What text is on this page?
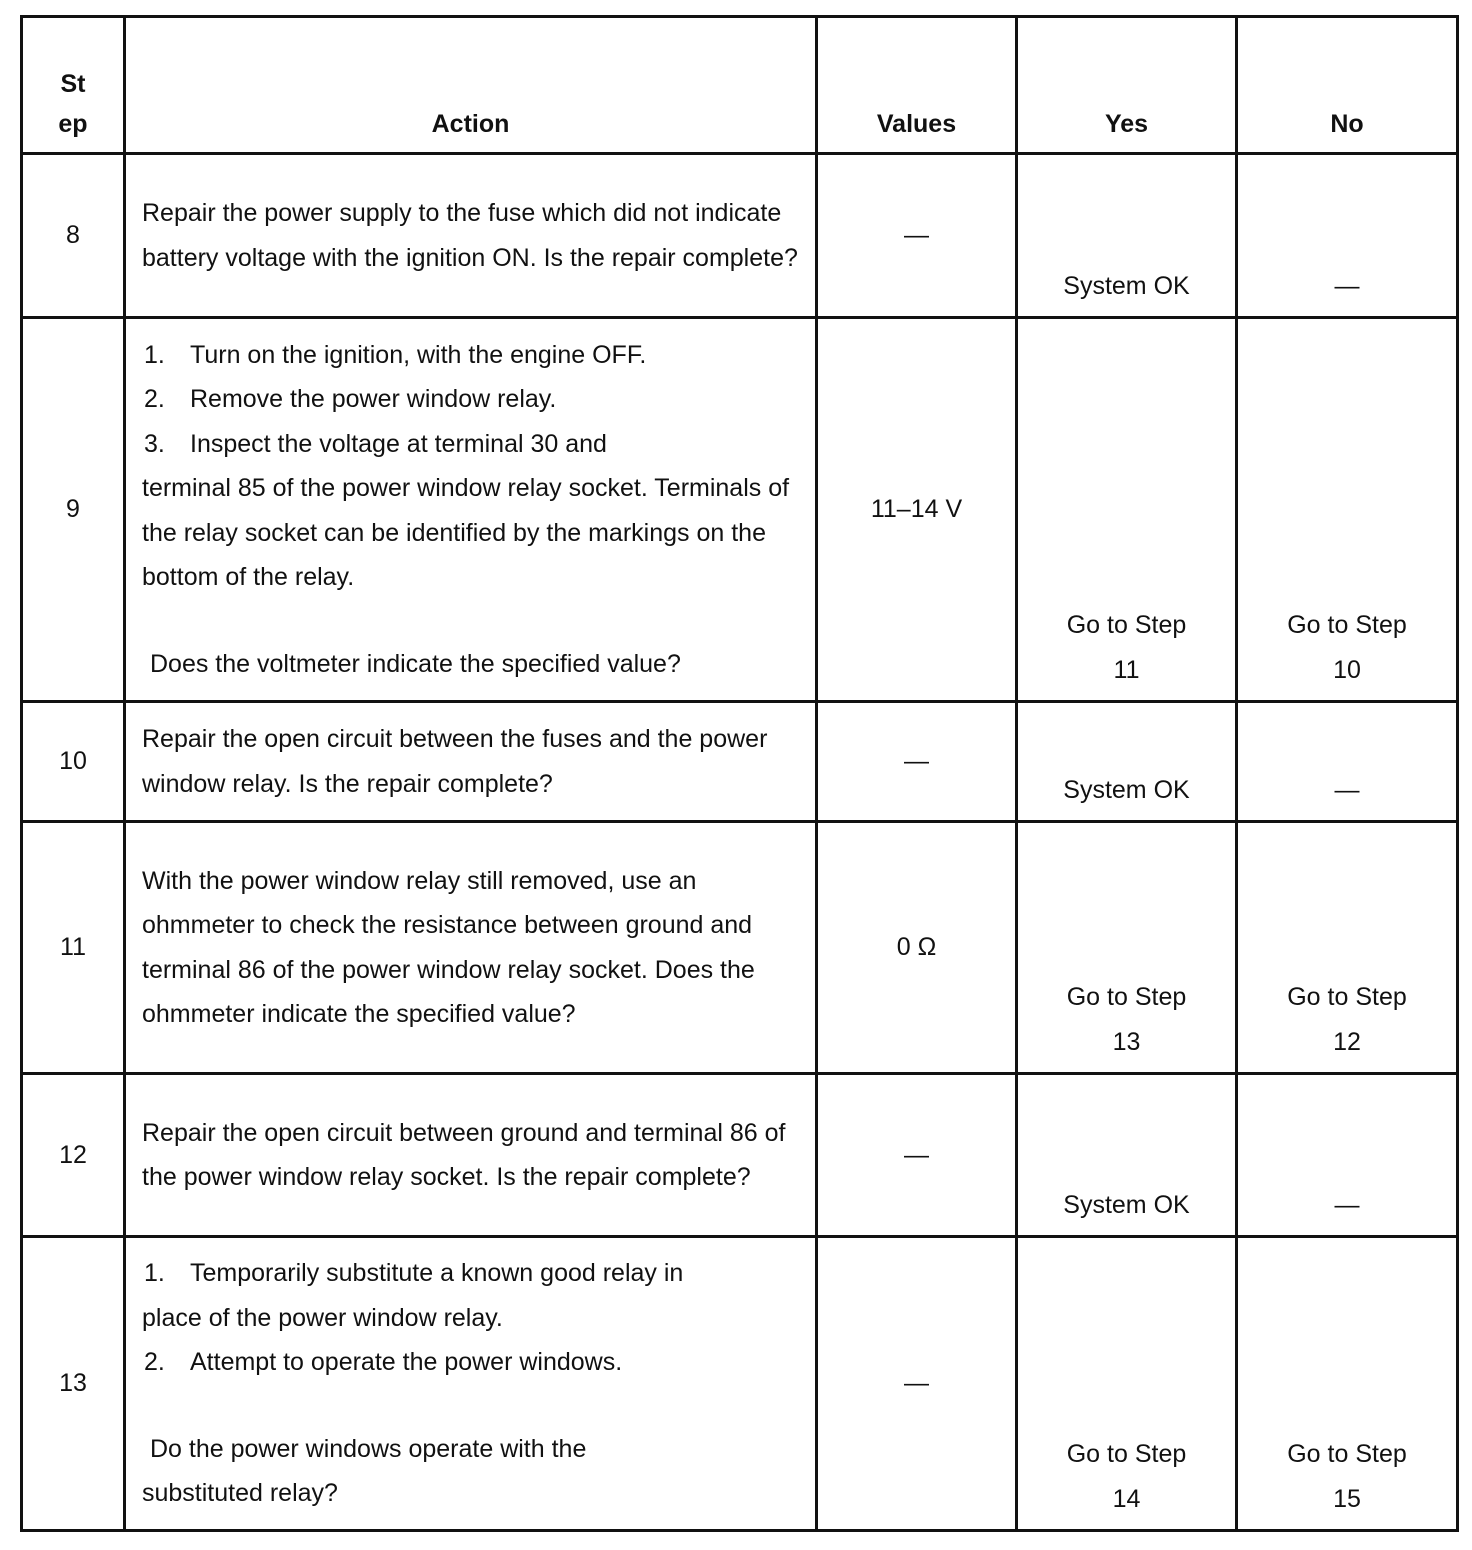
St ep	Action	Values	Yes	No
8	Repair the power supply to the fuse which did not indicate battery voltage with the ignition ON. Is the repair complete?	—	System OK	—
9	1. Turn on the ignition, with the engine OFF.
2. Remove the power window relay.
3. Inspect the voltage at terminal 30 and
terminal 85 of the power window relay socket. Terminals of the relay socket can be identified by the markings on the bottom of the relay.
Does the voltmeter indicate the specified value?	11–14 V	Go to Step 11	Go to Step 10
10	Repair the open circuit between the fuses and the power window relay. Is the repair complete?	—	System OK	—
11	With the power window relay still removed, use an ohmmeter to check the resistance between ground and terminal 86 of the power window relay socket. Does the ohmmeter indicate the specified value?	0 Ω	Go to Step 13	Go to Step 12
12	Repair the open circuit between ground and terminal 86 of the power window relay socket. Is the repair complete?	—	System OK	—
13	1. Temporarily substitute a known good relay in
place of the power window relay.
2. Attempt to operate the power windows.
Do the power windows operate with the substituted relay?	—	Go to Step 14	Go to Step 15
